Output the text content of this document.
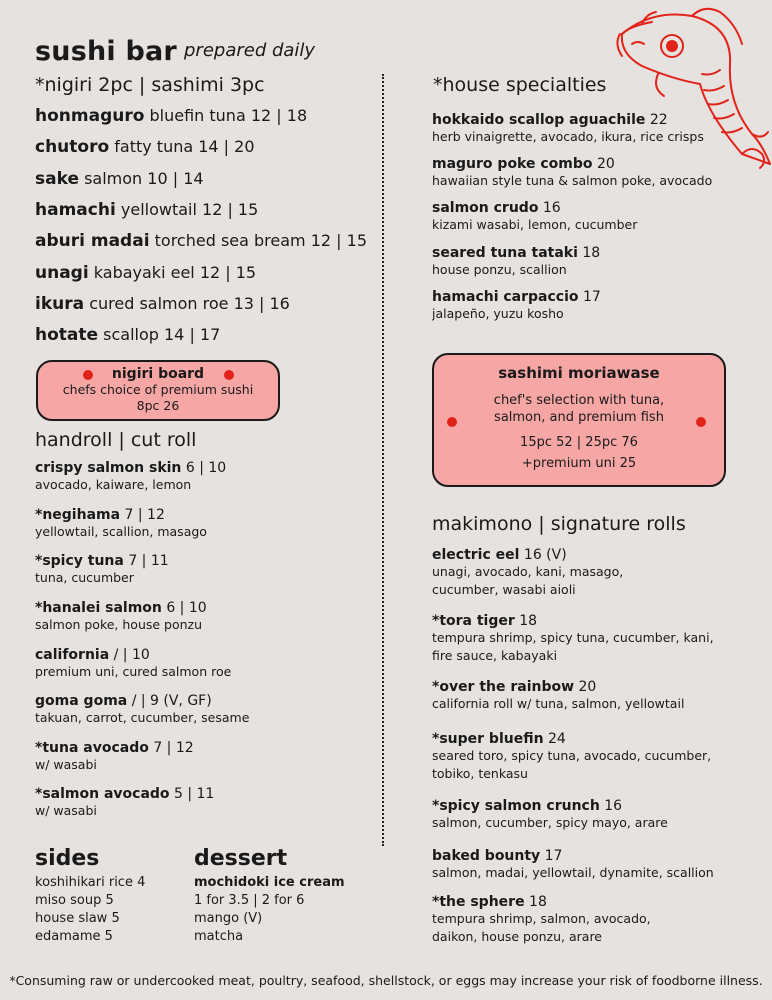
sushi bar prepared daily
*nigiri 2pc | sashimi 3pc
honmaguro bluefin tuna 12 | 18
chutoro fatty tuna 14 | 20
sake salmon 10 | 14
hamachi yellowtail 12 | 15
aburi madai torched sea bream 12 | 15
unagi kabayaki eel 12 | 15
ikura cured salmon roe 13 | 16
hotate scallop 14 | 17
nigiri board
chefs choice of premium sushi
8pc 26
handroll | cut roll
crispy salmon skin 6 | 10
avocado, kaiware, lemon
*negihama 7 | 12
yellowtail, scallion, masago
*spicy tuna 7 | 11
tuna, cucumber
*hanalei salmon 6 | 10
salmon poke, house ponzu
california / | 10
premium uni, cured salmon roe
goma goma / | 9 (V, GF)
takuan, carrot, cucumber, sesame
*tuna avocado 7 | 12
w/ wasabi
*salmon avocado 5 | 11
w/ wasabi
sides
koshihikari rice 4
miso soup 5
house slaw 5
edamame 5
dessert
mochidoki ice cream
1 for 3.5 | 2 for 6
mango (V)
matcha
*house specialties
hokkaido scallop aguachile 22
herb vinaigrette, avocado, ikura, rice crisps
maguro poke combo 20
hawaiian style tuna & salmon poke, avocado
salmon crudo 16
kizami wasabi, lemon, cucumber
seared tuna tataki 18
house ponzu, scallion
hamachi carpaccio 17
jalapeño, yuzu kosho
sashimi moriawase
chef's selection with tuna,
salmon, and premium fish
15pc 52 | 25pc 76
+premium uni 25
makimono | signature rolls
electric eel 16 (V)
unagi, avocado, kani, masago,
cucumber, wasabi aioli
*tora tiger 18
tempura shrimp, spicy tuna, cucumber, kani,
fire sauce, kabayaki
*over the rainbow 20
california roll w/ tuna, salmon, yellowtail
*super bluefin 24
seared toro, spicy tuna, avocado, cucumber,
tobiko, tenkasu
*spicy salmon crunch 16
salmon, cucumber, spicy mayo, arare
baked bounty 17
salmon, madai, yellowtail, dynamite, scallion
*the sphere 18
tempura shrimp, salmon, avocado,
daikon, house ponzu, arare
*Consuming raw or undercooked meat, poultry, seafood, shellstock, or eggs may increase your risk of foodborne illness.
